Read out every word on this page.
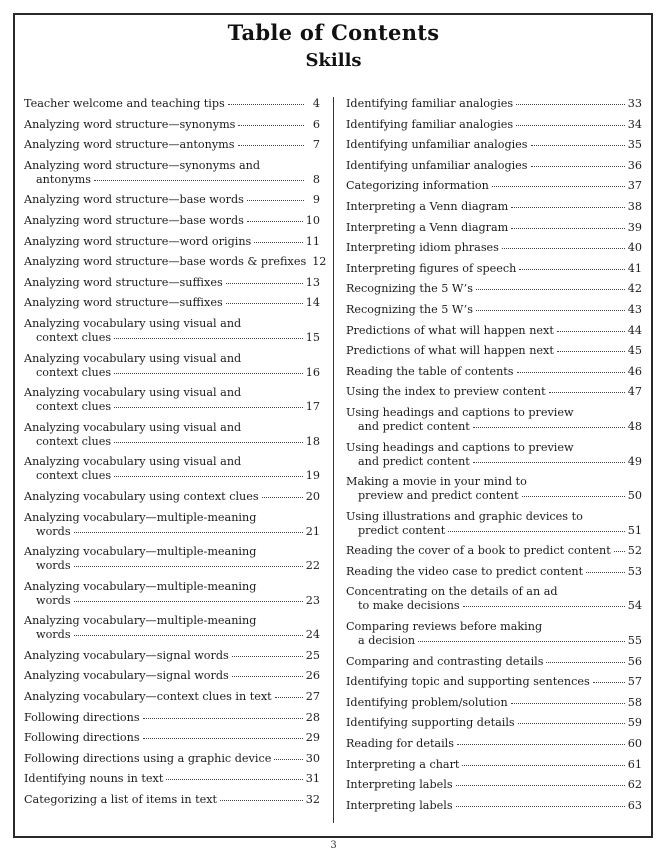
Table of Contents
Skills
Teacher welcome and teaching tips	4
Analyzing word structure—synonyms	6
Analyzing word structure—antonyms	7
Analyzing word structure—synonyms and
antonyms	8
Analyzing word structure—base words	9
Analyzing word structure—base words	10
Analyzing word structure—word origins	11
Analyzing word structure—base words & prefixes 12
Analyzing word structure—suffixes	13
Analyzing word structure—suffixes	14
Analyzing vocabulary using visual and
context clues	15
Analyzing vocabulary using visual and
context clues	16
Analyzing vocabulary using visual and
context clues	17
Analyzing vocabulary using visual and
context clues	18
Analyzing vocabulary using visual and
context clues	19
Analyzing vocabulary using context clues	20
Analyzing vocabulary—multiple-meaning
words	21
Analyzing vocabulary—multiple-meaning
words	22
Analyzing vocabulary—multiple-meaning
words	23
Analyzing vocabulary—multiple-meaning
words	24
Analyzing vocabulary—signal words	25
Analyzing vocabulary—signal words	26
Analyzing vocabulary—context clues in text	27
Following directions	28
Following directions	29
Following directions using a graphic device	30
Identifying nouns in text	31
Categorizing a list of items in text	32
Identifying familiar analogies	33
Identifying familiar analogies	34
Identifying unfamiliar analogies	35
Identifying unfamiliar analogies	36
Categorizing information	37
Interpreting a Venn diagram	38
Interpreting a Venn diagram	39
Interpreting idiom phrases	40
Interpreting figures of speech	41
Recognizing the 5 W’s	42
Recognizing the 5 W’s	43
Predictions of what will happen next	44
Predictions of what will happen next	45
Reading the table of contents	46
Using the index to preview content	47
Using headings and captions to preview
and predict content	48
Using headings and captions to preview
and predict content	49
Making a movie in your mind to
preview and predict content	50
Using illustrations and graphic devices to
predict content	51
Reading the cover of a book to predict content 52
Reading the video case to predict content	53
Concentrating on the details of an ad
to make decisions	54
Comparing reviews before making
a decision	55
Comparing and contrasting details	56
Identifying topic and supporting sentences	57
Identifying problem/solution	58
Identifying supporting details	59
Reading for details	60
Interpreting a chart	61
Interpreting labels	62
Interpreting labels	63
3
